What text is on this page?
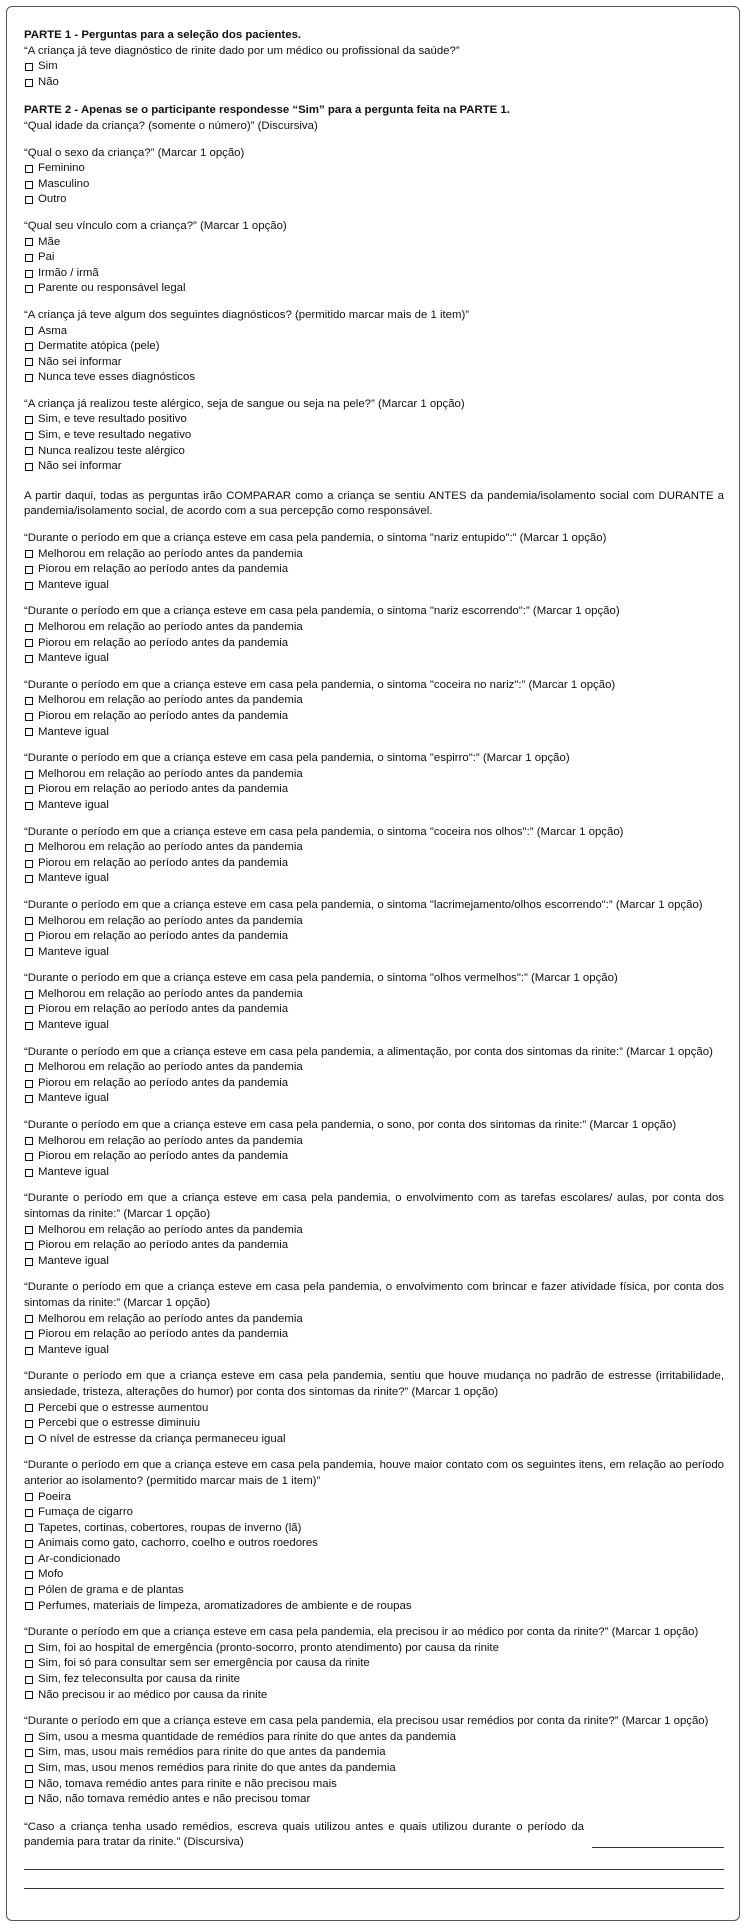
PARTE 1 - Perguntas para a seleção dos pacientes.
“A criança já teve diagnóstico de rinite dado por um médico ou profissional da saúde?”
Sim
Não
PARTE 2 - Apenas se o participante respondesse “Sim” para a pergunta feita na PARTE 1.
“Qual idade da criança? (somente o número)” (Discursiva)
“Qual o sexo da criança?” (Marcar 1 opção)
Feminino
Masculino
Outro
“Qual seu vínculo com a criança?” (Marcar 1 opção)
Mãe
Pai
Irmão / irmã
Parente ou responsável legal
“A criança já teve algum dos seguintes diagnósticos? (permitido marcar mais de 1 item)”
Asma
Dermatite atópica (pele)
Não sei informar
Nunca teve esses diagnósticos
“A criança já realizou teste alérgico, seja de sangue ou seja na pele?” (Marcar 1 opção)
Sim, e teve resultado positivo
Sim, e teve resultado negativo
Nunca realizou teste alérgico
Não sei informar
A partir daqui, todas as perguntas irão COMPARAR como a criança se sentiu ANTES da pandemia/isolamento social com DURANTE a pandemia/isolamento social, de acordo com a sua percepção como responsável.
“Durante o período em que a criança esteve em casa pela pandemia, o sintoma "nariz entupido":” (Marcar 1 opção)
Melhorou em relação ao período antes da pandemia
Piorou em relação ao período antes da pandemia
Manteve igual
“Durante o período em que a criança esteve em casa pela pandemia, o sintoma "nariz escorrendo":” (Marcar 1 opção)
Melhorou em relação ao período antes da pandemia
Piorou em relação ao período antes da pandemia
Manteve igual
“Durante o período em que a criança esteve em casa pela pandemia, o sintoma "coceira no nariz":” (Marcar 1 opção)
Melhorou em relação ao período antes da pandemia
Piorou em relação ao período antes da pandemia
Manteve igual
“Durante o período em que a criança esteve em casa pela pandemia, o sintoma "espirro":” (Marcar 1 opção)
Melhorou em relação ao período antes da pandemia
Piorou em relação ao período antes da pandemia
Manteve igual
“Durante o período em que a criança esteve em casa pela pandemia, o sintoma "coceira nos olhos":” (Marcar 1 opção)
Melhorou em relação ao período antes da pandemia
Piorou em relação ao período antes da pandemia
Manteve igual
“Durante o período em que a criança esteve em casa pela pandemia, o sintoma "lacrimejamento/olhos escorrendo":” (Marcar 1 opção)
Melhorou em relação ao período antes da pandemia
Piorou em relação ao período antes da pandemia
Manteve igual
“Durante o período em que a criança esteve em casa pela pandemia, o sintoma "olhos vermelhos":” (Marcar 1 opção)
Melhorou em relação ao período antes da pandemia
Piorou em relação ao período antes da pandemia
Manteve igual
“Durante o período em que a criança esteve em casa pela pandemia, a alimentação, por conta dos sintomas da rinite:” (Marcar 1 opção)
Melhorou em relação ao período antes da pandemia
Piorou em relação ao período antes da pandemia
Manteve igual
“Durante o período em que a criança esteve em casa pela pandemia, o sono, por conta dos sintomas da rinite:” (Marcar 1 opção)
Melhorou em relação ao período antes da pandemia
Piorou em relação ao período antes da pandemia
Manteve igual
“Durante o período em que a criança esteve em casa pela pandemia, o envolvimento com as tarefas escolares/ aulas, por conta dos sintomas da rinite:” (Marcar 1 opção)
Melhorou em relação ao período antes da pandemia
Piorou em relação ao período antes da pandemia
Manteve igual
“Durante o período em que a criança esteve em casa pela pandemia, o envolvimento com brincar e fazer atividade física, por conta dos sintomas da rinite:” (Marcar 1 opção)
Melhorou em relação ao período antes da pandemia
Piorou em relação ao período antes da pandemia
Manteve igual
“Durante o período em que a criança esteve em casa pela pandemia, sentiu que houve mudança no padrão de estresse (irritabilidade, ansiedade, tristeza, alterações do humor) por conta dos sintomas da rinite?” (Marcar 1 opção)
Percebi que o estresse aumentou
Percebi que o estresse diminuiu
O nível de estresse da criança permaneceu igual
“Durante o período em que a criança esteve em casa pela pandemia, houve maior contato com os seguintes itens, em relação ao período anterior ao isolamento? (permitido marcar mais de 1 item)”
Poeira
Fumaça de cigarro
Tapetes, cortinas, cobertores, roupas de inverno (lã)
Animais como gato, cachorro, coelho e outros roedores
Ar-condicionado
Mofo
Pólen de grama e de plantas
Perfumes, materiais de limpeza, aromatizadores de ambiente e de roupas
“Durante o período em que a criança esteve em casa pela pandemia, ela precisou ir ao médico por conta da rinite?” (Marcar 1 opção)
Sim, foi ao hospital de emergência (pronto-socorro, pronto atendimento) por causa da rinite
Sim, foi só para consultar sem ser emergência por causa da rinite
Sim, fez teleconsulta por causa da rinite
Não precisou ir ao médico por causa da rinite
“Durante o período em que a criança esteve em casa pela pandemia, ela precisou usar remédios por conta da rinite?” (Marcar 1 opção)
Sim, usou a mesma quantidade de remédios para rinite do que antes da pandemia
Sim, mas, usou mais remédios para rinite do que antes da pandemia
Sim, mas, usou menos remédios para rinite do que antes da pandemia
Não, tomava remédio antes para rinite e não precisou mais
Não, não tomava remédio antes e não precisou tomar
“Caso a criança tenha usado remédios, escreva quais utilizou antes e quais utilizou durante o período da pandemia para tratar da rinite.” (Discursiva)
